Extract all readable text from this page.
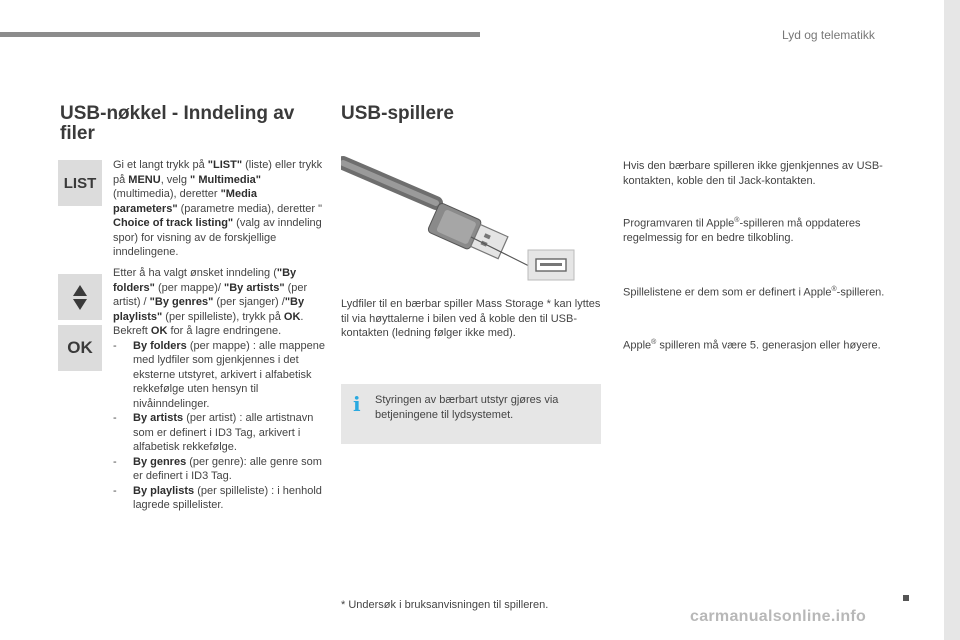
Lyd og telematikk
USB-nøkkel - Inndeling av filer
LIST
OK
Gi et langt trykk på "LIST" (liste) eller trykk på MENU, velg " Multimedia" (multimedia), deretter "Media parameters" (parametre media), deretter " Choice of track listing" (valg av inndeling spor) for visning av de forskjellige inndelingene.
Etter å ha valgt ønsket inndeling ("By folders" (per mappe)/ "By artists" (per artist) / "By genres" (per sjanger) /"By playlists" (per spilleliste), trykk på OK.
Bekreft OK for å lagre endringene.
-	By folders (per mappe) : alle mappene med lydfiler som gjenkjennes i det eksterne utstyret, arkivert i alfabetisk rekkefølge uten hensyn til nivåinndelinger.
-	By artists (per artist) : alle artistnavn som er definert i ID3 Tag, arkivert i alfabetisk rekkefølge.
-	By genres (per genre): alle genre som er definert i ID3 Tag.
-	By playlists (per spilleliste) : i henhold lagrede spillelister.
USB-spillere
Lydfiler til en bærbar spiller Mass Storage * kan lyttes til via høyttalerne i bilen ved å koble den til USB-kontakten (ledning følger ikke med).
i Styringen av bærbart utstyr gjøres via betjeningene til lydsystemet.
* Undersøk i bruksanvisningen til spilleren.
Hvis den bærbare spilleren ikke gjenkjennes av USB-kontakten, koble den til Jack-kontakten.
Programvaren til Apple®-spilleren må oppdateres regelmessig for en bedre tilkobling.
Spillelistene er dem som er definert i Apple®-spilleren.
Apple® spilleren må være 5. generasjon eller høyere.
carmanualsonline.info
